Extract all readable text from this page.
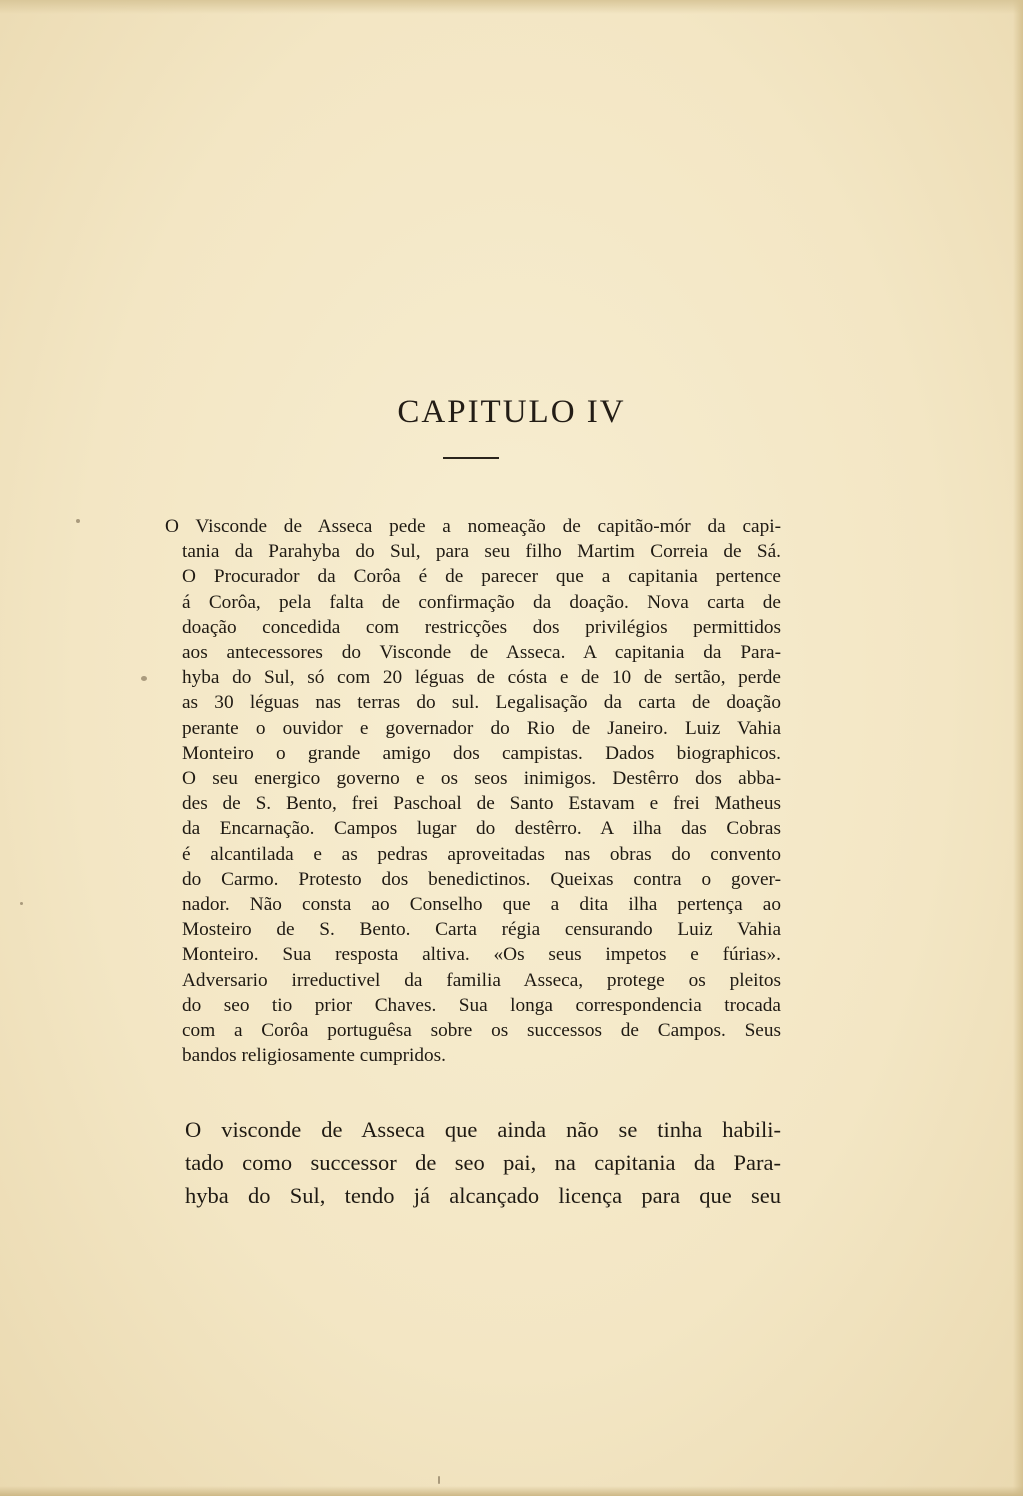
CAPITULO IV
O Visconde de Asseca pede a nomeação de capitão-mór da capi-
tania da Parahyba do Sul, para seu filho Martim Correia de Sá.
O Procurador da Corôa é de parecer que a capitania pertence
á Corôa, pela falta de confirmação da doação. Nova carta de
doação concedida com restricções dos privilégios permittidos
aos antecessores do Visconde de Asseca. A capitania da Para-
hyba do Sul, só com 20 léguas de cósta e de 10 de sertão, perde
as 30 léguas nas terras do sul. Legalisação da carta de doação
perante o ouvidor e governador do Rio de Janeiro. Luiz Vahia
Monteiro o grande amigo dos campistas. Dados biographicos.
O seu energico governo e os seos inimigos. Destêrro dos abba-
des de S. Bento, frei Paschoal de Santo Estavam e frei Matheus
da Encarnação. Campos lugar do destêrro. A ilha das Cobras
é alcantilada e as pedras aproveitadas nas obras do convento
do Carmo. Protesto dos benedictinos. Queixas contra o gover-
nador. Não consta ao Conselho que a dita ilha pertença ao
Mosteiro de S. Bento. Carta régia censurando Luiz Vahia
Monteiro. Sua resposta altiva. «Os seus impetos e fúrias».
Adversario irreductivel da familia Asseca, protege os pleitos
do seo tio prior Chaves. Sua longa correspondencia trocada
com a Corôa portuguêsa sobre os successos de Campos. Seus
bandos religiosamente cumpridos.
O visconde de Asseca que ainda não se tinha habili-
tado como successor de seo pai, na capitania da Para-
hyba do Sul, tendo já alcançado licença para que seu
